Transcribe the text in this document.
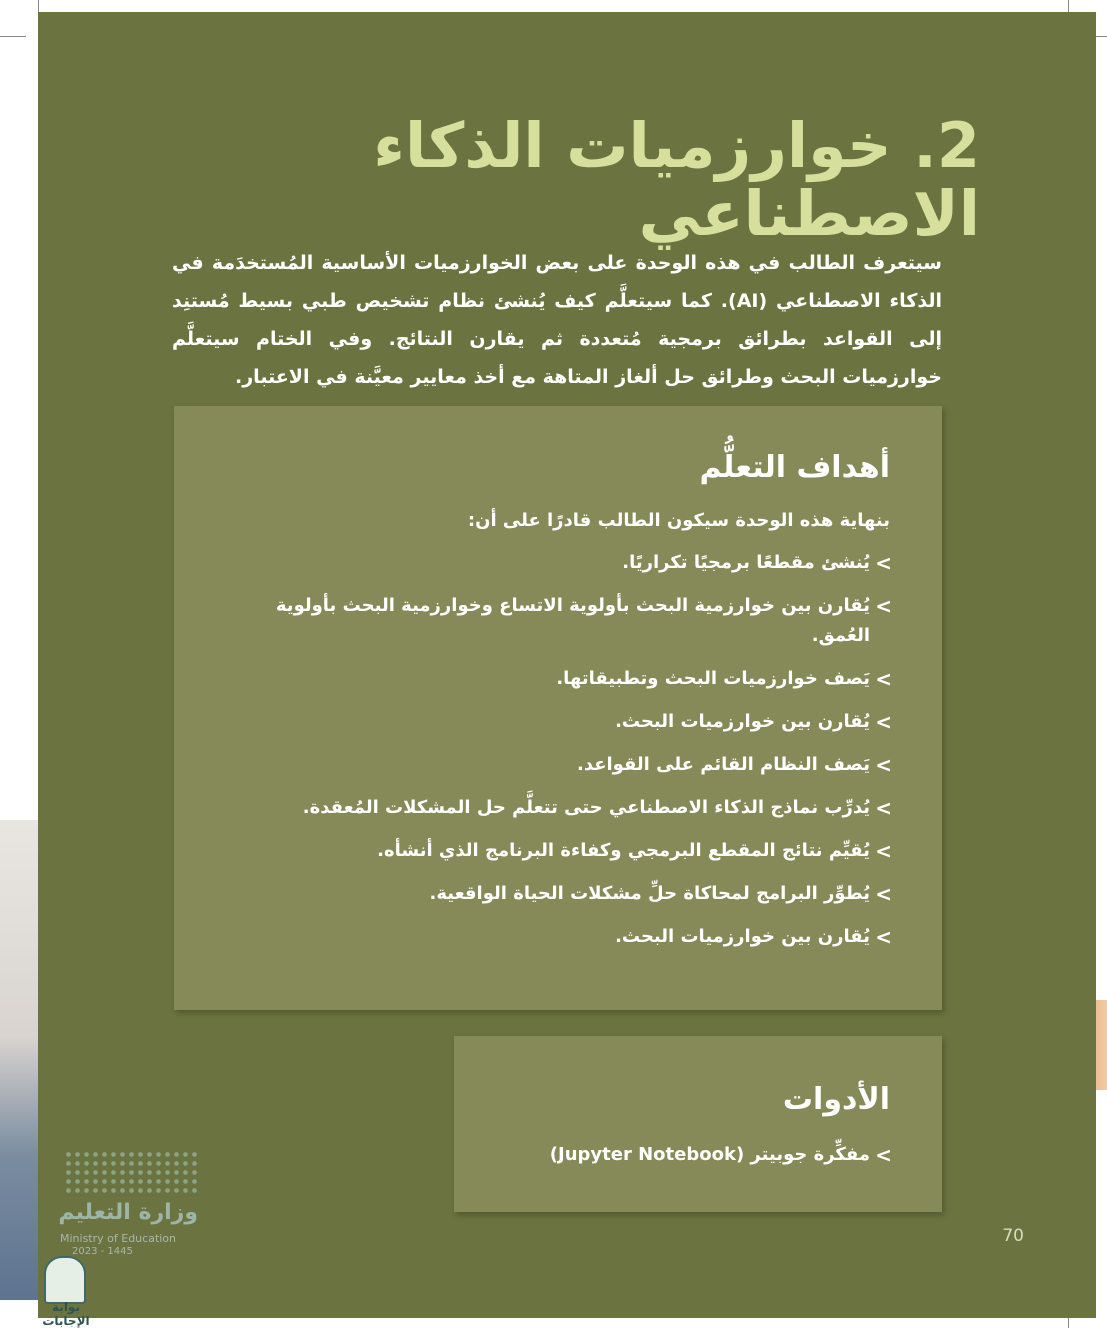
2. خوارزميات الذكاء الاصطناعي

سيتعرف الطالب في هذه الوحدة على بعض الخوارزميات الأساسية المُستخدَمة في الذكاء الاصطناعي (AI). كما سيتعلَّم كيف يُنشئ نظام تشخيص طبي بسيط مُستنِد إلى القواعد بطرائق برمجية مُتعددة ثم يقارن النتائج. وفي الختام سيتعلَّم خوارزميات البحث وطرائق حل ألغاز المتاهة مع أخذ معايير معيَّنة في الاعتبار.

أهداف التعلُّم

بنهاية هذه الوحدة سيكون الطالب قادرًا على أن:

>
يُنشئ مقطعًا برمجيًا تكراريًا.
>
يُقارن بين خوارزمية البحث بأولوية الاتساع وخوارزمية البحث بأولوية العُمق.
>
يَصف خوارزميات البحث وتطبيقاتها.
>
يُقارن بين خوارزميات البحث.
>
يَصف النظام القائم على القواعد.
>
يُدرِّب نماذج الذكاء الاصطناعي حتى تتعلَّم حل المشكلات المُعقدة.
>
يُقيِّم نتائج المقطع البرمجي وكفاءة البرنامج الذي أنشأه.
>
يُطوِّر البرامج لمحاكاة حلِّ مشكلات الحياة الواقعية.
>
يُقارن بين خوارزميات البحث.
الأدوات
>
مفكِّرة جوبيتر (Jupyter Notebook)
70
وزارة التعليم
Ministry of Education
2023 - 1445
بوابة الإجابات
